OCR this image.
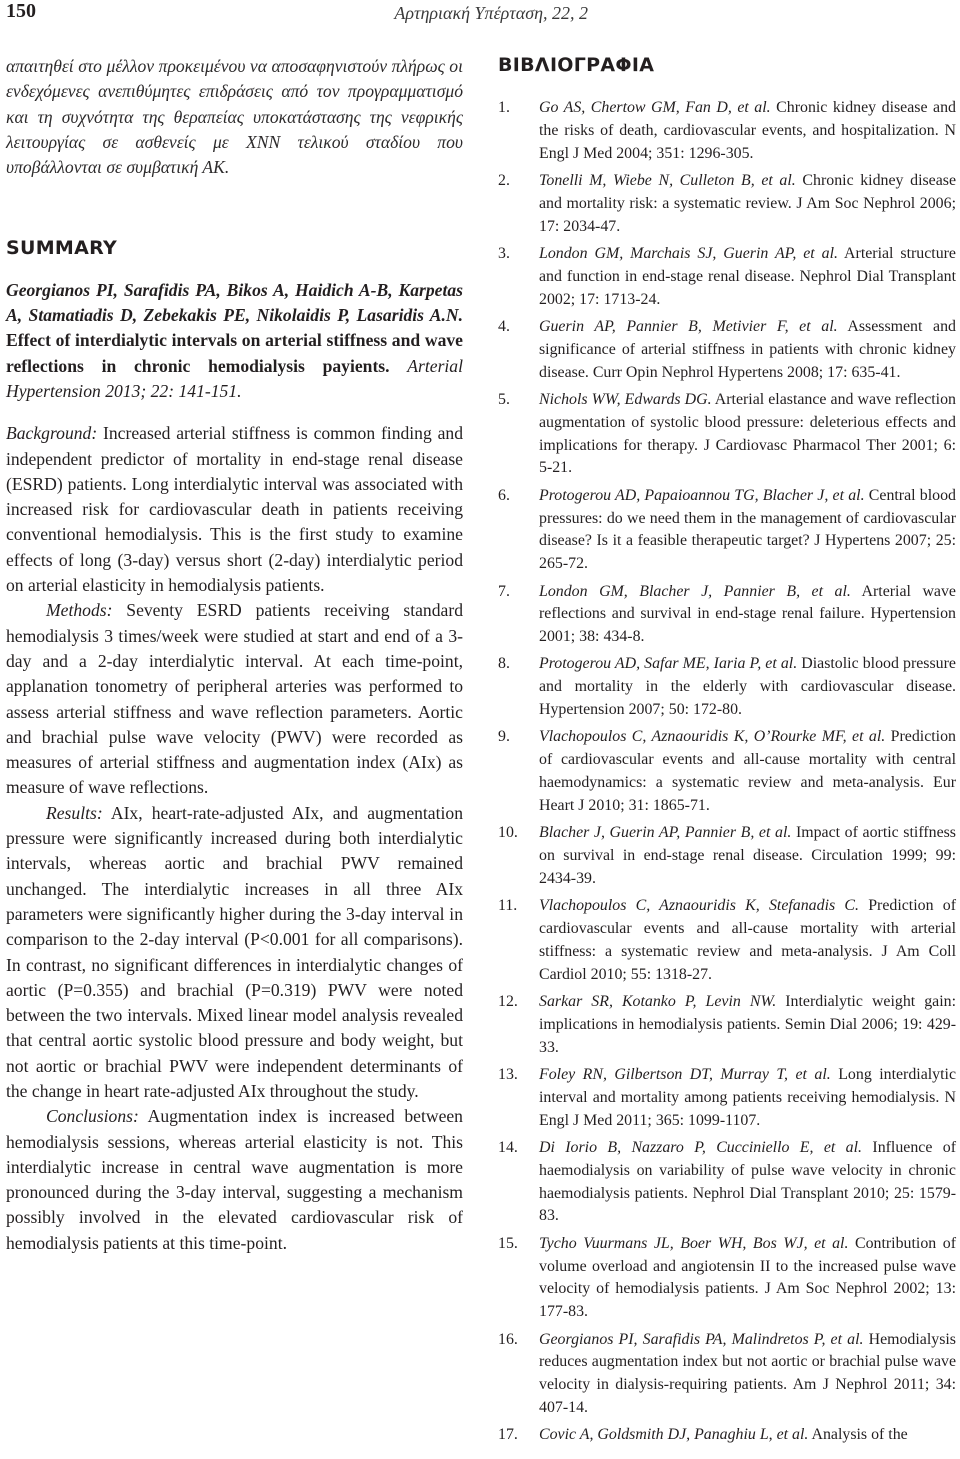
150	Αρτηριακή Υπέρταση, 22, 2

απαιτηθεί στο μέλλον προκειμένου να αποσαφηνιστούν πλήρως οι ενδεχόμενες ανεπιθύμητες επιδράσεις από τον προγραμματισμό και τη συχνότητα της θεραπείας υποκατάστασης της νεφρικής λειτουργίας σε ασθενείς με ΧΝΝ τελικού σταδίου που υποβάλλονται σε συμβατική ΑΚ.

SUMMARY

Georgianos PI, Sarafidis PA, Bikos A, Haidich A-B, Karpetas A, Stamatiadis D, Zebekakis PE, Nikolaidis P, Lasaridis A.N. Effect of interdialytic intervals on arterial stiffness and wave reflections in chronic hemodialysis payients. Arterial Hypertension 2013; 22: 141-151.

Background: Increased arterial stiffness is common finding and independent predictor of mortality in end-stage renal disease (ESRD) patients. Long interdialytic interval was associated with increased risk for cardiovascular death in patients receiving conventional hemodialysis. This is the first study to examine effects of long (3-day) versus short (2-day) interdialytic period on arterial elasticity in hemodialysis patients.

Methods: Seventy ESRD patients receiving standard hemodialysis 3 times/week were studied at start and end of a 3-day and a 2-day interdialytic interval. At each time-point, applanation tonometry of peripheral arteries was performed to assess arterial stiffness and wave reflection parameters. Aortic and brachial pulse wave velocity (PWV) were recorded as measures of arterial stiffness and augmentation index (AIx) as measure of wave reflections.

Results: AIx, heart-rate-adjusted AIx, and augmentation pressure were significantly increased during both interdialytic intervals, whereas aortic and brachial PWV remained unchanged. The interdialytic increases in all three AIx parameters were significantly higher during the 3-day interval in comparison to the 2-day interval (P<0.001 for all comparisons). In contrast, no significant differences in interdialytic changes of aortic (P=0.355) and brachial (P=0.319) PWV were noted between the two intervals. Mixed linear model analysis revealed that central aortic systolic blood pressure and body weight, but not aortic or brachial PWV were independent determinants of the change in heart rate-adjusted AIx throughout the study.

Conclusions: Augmentation index is increased between hemodialysis sessions, whereas arterial elasticity is not. This interdialytic increase in central wave augmentation is more pronounced during the 3-day interval, suggesting a mechanism possibly involved in the elevated cardiovascular risk of hemodialysis patients at this time-point.

ΒΙΒΛΙΟΓΡΑΦΙΑ
1. Go AS, Chertow GM, Fan D, et al. Chronic kidney disease and the risks of death, cardiovascular events, and hospitalization. N Engl J Med 2004; 351: 1296-305.
2. Tonelli M, Wiebe N, Culleton B, et al. Chronic kidney disease and mortality risk: a systematic review. J Am Soc Nephrol 2006; 17: 2034-47.
3. London GM, Marchais SJ, Guerin AP, et al. Arterial structure and function in end-stage renal disease. Nephrol Dial Transplant 2002; 17: 1713-24.
4. Guerin AP, Pannier B, Metivier F, et al. Assessment and significance of arterial stiffness in patients with chronic kidney disease. Curr Opin Nephrol Hypertens 2008; 17: 635-41.
5. Nichols WW, Edwards DG. Arterial elastance and wave reflection augmentation of systolic blood pressure: deleterious effects and implications for therapy. J Cardiovasc Pharmacol Ther 2001; 6: 5-21.
6. Protogerou AD, Papaioannou TG, Blacher J, et al. Central blood pressures: do we need them in the management of cardiovascular disease? Is it a feasible therapeutic target? J Hypertens 2007; 25: 265-72.
7. London GM, Blacher J, Pannier B, et al. Arterial wave reflections and survival in end-stage renal failure. Hypertension 2001; 38: 434-8.
8. Protogerou AD, Safar ME, Iaria P, et al. Diastolic blood pressure and mortality in the elderly with cardiovascular disease. Hypertension 2007; 50: 172-80.
9. Vlachopoulos C, Aznaouridis K, O’Rourke MF, et al. Prediction of cardiovascular events and all-cause mortality with central haemodynamics: a systematic review and meta-analysis. Eur Heart J 2010; 31: 1865-71.
10. Blacher J, Guerin AP, Pannier B, et al. Impact of aortic stiffness on survival in end-stage renal disease. Circulation 1999; 99: 2434-39.
11. Vlachopoulos C, Aznaouridis K, Stefanadis C. Prediction of cardiovascular events and all-cause mortality with arterial stiffness: a systematic review and meta-analysis. J Am Coll Cardiol 2010; 55: 1318-27.
12. Sarkar SR, Kotanko P, Levin NW. Interdialytic weight gain: implications in hemodialysis patients. Semin Dial 2006; 19: 429-33.
13. Foley RN, Gilbertson DT, Murray T, et al. Long interdialytic interval and mortality among patients receiving hemodialysis. N Engl J Med 2011; 365: 1099-1107.
14. Di Iorio B, Nazzaro P, Cucciniello E, et al. Influence of haemodialysis on variability of pulse wave velocity in chronic haemodialysis patients. Nephrol Dial Transplant 2010; 25: 1579-83.
15. Tycho Vuurmans JL, Boer WH, Bos WJ, et al. Contribution of volume overload and angiotensin II to the increased pulse wave velocity of hemodialysis patients. J Am Soc Nephrol 2002; 13: 177-83.
16. Georgianos PI, Sarafidis PA, Malindretos P, et al. Hemodialysis reduces augmentation index but not aortic or brachial pulse wave velocity in dialysis-requiring patients. Am J Nephrol 2011; 34: 407-14.
17. Covic A, Goldsmith DJ, Panaghiu L, et al. Analysis of the
